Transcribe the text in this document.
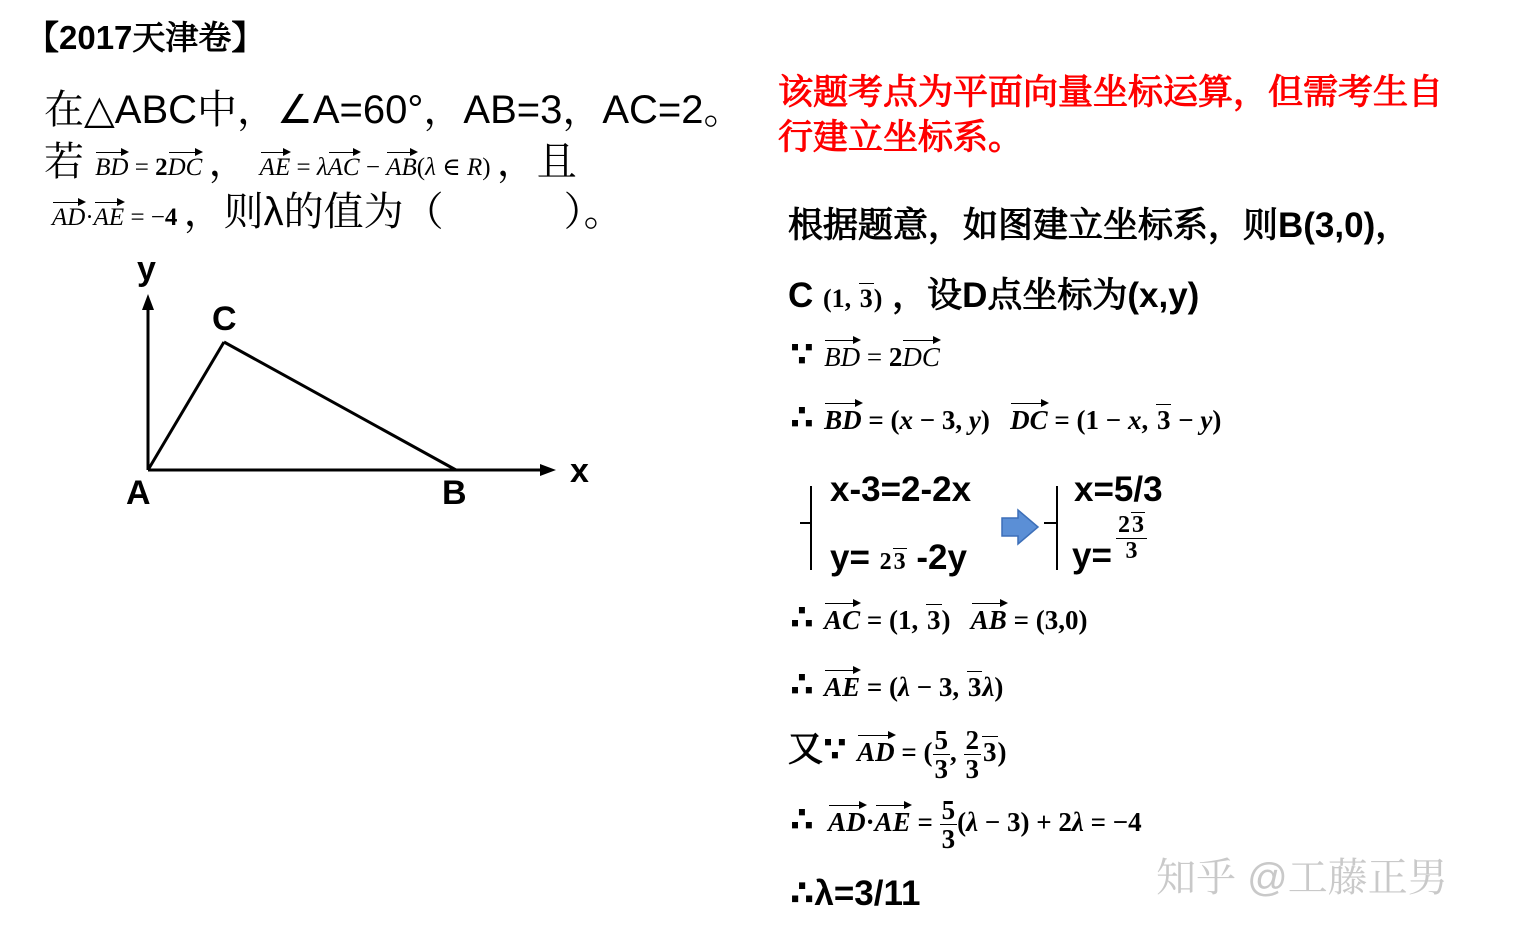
【2017天津卷】
在△ABC中，∠A=60°，AB=3，AC=2。
若 BD = 2DC ， AE = λAC − AB(λ ∈ R) ，且
AD·AE = −4 ，则λ的值为（　　　）。
y
x
C
A	B
该题考点为平面向量坐标运算，但需考生自
行建立坐标系。
根据题意，如图建立坐标系，则B(3,0)，
C (1, 3) ，设D点坐标为(x,y)
∵ BD = 2DC
∴ BD = (x − 3, y)   DC = (1 − x, 3 − y)
x-3=2-2x
y= 23 -2y
x=5/3
$y= \frac{23}{3}$
∴ AC = (1, 3)   AB = (3,0)
∴ AE = (λ − 3, 3λ)
又∵ AD = ( $\frac{5}{3}$ , $\frac{2}{3} 3$)
∴ $AD\cdot AE = \frac{5}{3} (\lambda - 3) + 2\lambda = -4$
∴λ=3/11	知乎 @工藤正男
